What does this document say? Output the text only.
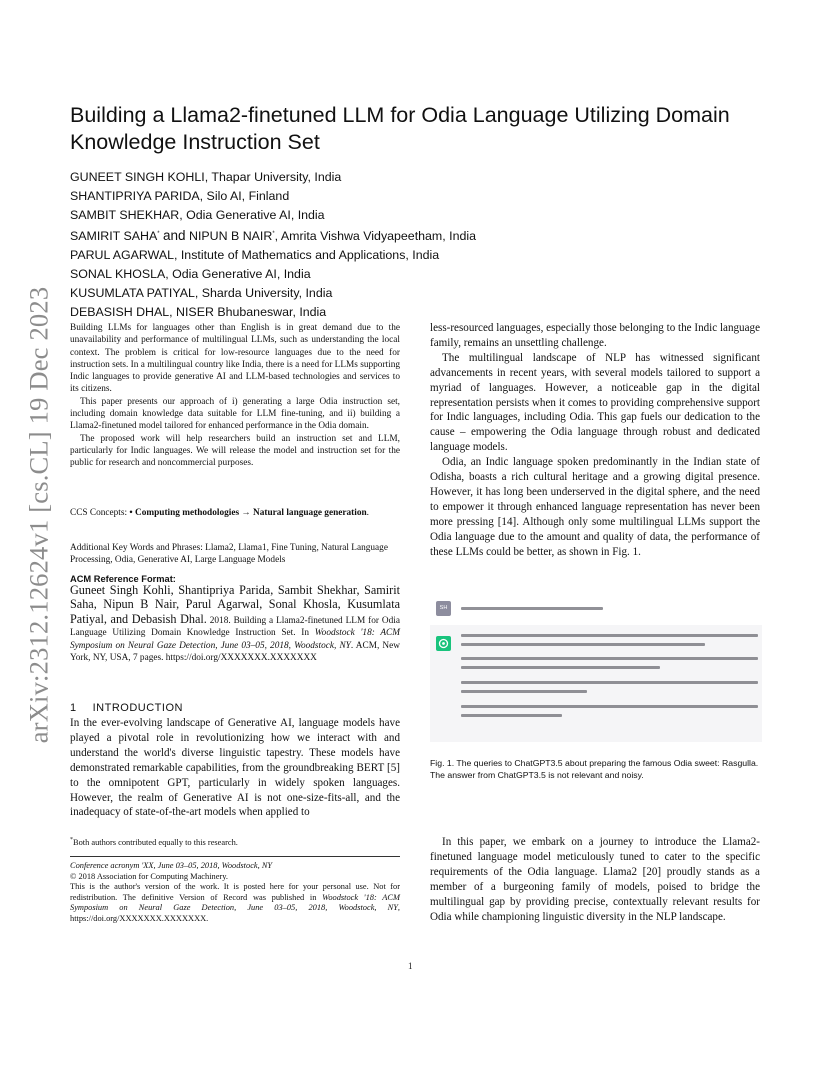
arXiv:2312.12624v1 [cs.CL] 19 Dec 2023
Building a Llama2-finetuned LLM for Odia Language Utilizing Domain Knowledge Instruction Set
GUNEET SINGH KOHLI, Thapar University, India
SHANTIPRIYA PARIDA, Silo AI, Finland
SAMBIT SHEKHAR, Odia Generative AI, India
SAMIRIT SAHA* and NIPUN B NAIR*, Amrita Vishwa Vidyapeetham, India
PARUL AGARWAL, Institute of Mathematics and Applications, India
SONAL KHOSLA, Odia Generative AI, India
KUSUMLATA PATIYAL, Sharda University, India
DEBASISH DHAL, NISER Bhubaneswar, India

Building LLMs for languages other than English is in great demand due to the unavailability and performance of multilingual LLMs, such as understanding the local context. The problem is critical for low-resource languages due to the need for instruction sets. In a multilingual country like India, there is a need for LLMs supporting Indic languages to provide generative AI and LLM-based technologies and services to its citizens.

This paper presents our approach of i) generating a large Odia instruction set, including domain knowledge data suitable for LLM fine-tuning, and ii) building a Llama2-finetuned model tailored for enhanced performance in the Odia domain.

The proposed work will help researchers build an instruction set and LLM, particularly for Indic languages. We will release the model and instruction set for the public for research and noncommercial purposes.

CCS Concepts: • Computing methodologies → Natural language generation.

Additional Key Words and Phrases: Llama2, Llama1, Fine Tuning, Natural Language Processing, Odia, Generative AI, Large Language Models

ACM Reference Format:
Guneet Singh Kohli, Shantipriya Parida, Sambit Shekhar, Samirit Saha, Nipun B Nair, Parul Agarwal, Sonal Khosla, Kusumlata Patiyal, and Debasish Dhal. 2018. Building a Llama2-finetuned LLM for Odia Language Utilizing Domain Knowledge Instruction Set. In Woodstock '18: ACM Symposium on Neural Gaze Detection, June 03–05, 2018, Woodstock, NY. ACM, New York, NY, USA, 7 pages. https://doi.org/XXXXXXX.XXXXXXX
1 INTRODUCTION

In the ever-evolving landscape of Generative AI, language models have played a pivotal role in revolutionizing how we interact with and understand the world's diverse linguistic tapestry. These models have demonstrated remarkable capabilities, from the groundbreaking BERT [5] to the omnipotent GPT, particularly in widely spoken languages. However, the realm of Generative AI is not one-size-fits-all, and the inadequacy of state-of-the-art models when applied to

*Both authors contributed equally to this research.
Conference acronym 'XX, June 03–05, 2018, Woodstock, NY
© 2018 Association for Computing Machinery.
This is the author's version of the work. It is posted here for your personal use. Not for redistribution. The definitive Version of Record was published in Woodstock '18: ACM Symposium on Neural Gaze Detection, June 03–05, 2018, Woodstock, NY, https://doi.org/XXXXXXX.XXXXXXX.

less-resourced languages, especially those belonging to the Indic language family, remains an unsettling challenge.

The multilingual landscape of NLP has witnessed significant advancements in recent years, with several models tailored to support a myriad of languages. However, a noticeable gap in the digital representation persists when it comes to providing comprehensive support for Indic languages, including Odia. This gap fuels our dedication to the cause – empowering the Odia language through robust and dedicated language models.

Odia, an Indic language spoken predominantly in the Indian state of Odisha, boasts a rich cultural heritage and a growing digital presence. However, it has long been underserved in the digital sphere, and the need to empower it through enhanced language representation has never been more pressing [14]. Although only some multilingual LLMs support the Odia language due to the amount and quality of data, the performance of these LLMs could be better, as shown in Fig. 1.

SH
Fig. 1. The queries to ChatGPT3.5 about preparing the famous Odia sweet: Rasgulla. The answer from ChatGPT3.5 is not relevant and noisy.

In this paper, we embark on a journey to introduce the Llama2-finetuned language model meticulously tuned to cater to the specific requirements of the Odia language. Llama2 [20] proudly stands as a member of a burgeoning family of models, poised to bridge the multilingual gap by providing precise, contextually relevant results for Odia while championing linguistic diversity in the NLP landscape.

1
